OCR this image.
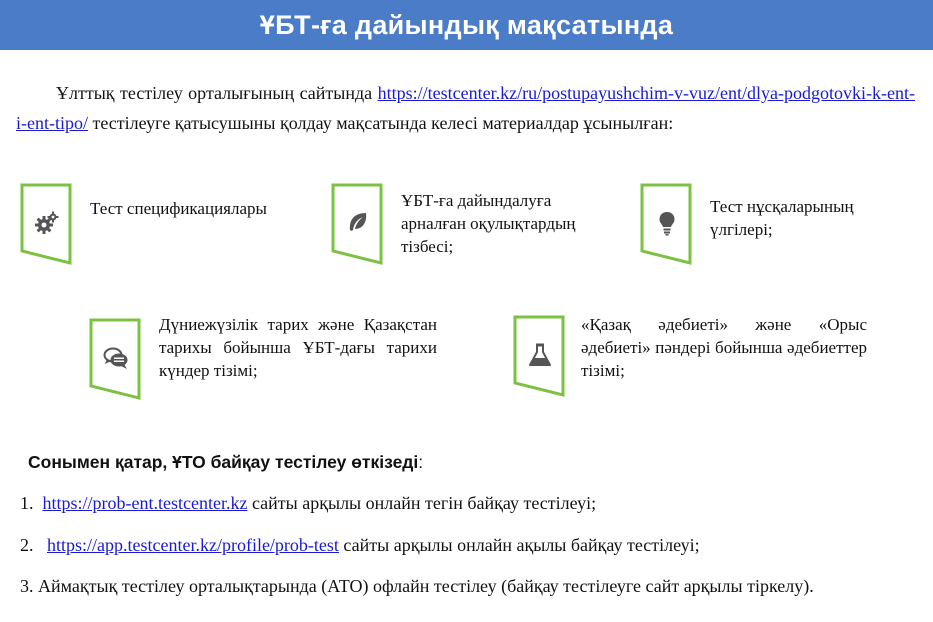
ҰБТ-ға дайындық мақсатында
Ұлттық тестілеу орталығының сайтында https://testcenter.kz/ru/postupayushchim-v-vuz/ent/dlya-podgotovki-k-ent-i-ent-tipo/ тестілеуге қатысушыны қолдау мақсатында келесі материалдар ұсынылған:
Тест спецификациялары	ҰБТ-ға дайындалуға арналған оқулықтардың тізбесі;
Тест нұсқаларының үлгілері;
Дүниежүзілік тарих және Қазақстан тарихы бойынша ҰБТ-дағы тарихи күндер тізімі;
«Қазақ әдебиеті» және «Орыс әдебиеті» пәндері бойынша әдебиеттер тізімі;
Сонымен қатар, ҰТО байқау тестілеу өткізеді:
1. https://prob-ent.testcenter.kz сайты арқылы онлайн тегін байқау тестілеуі;
2. https://app.testcenter.kz/profile/prob-test сайты арқылы онлайн ақылы байқау тестілеуі;
3. Аймақтық тестілеу орталықтарында (АТО) офлайн тестілеу (байқау тестілеуге сайт арқылы тіркелу).
